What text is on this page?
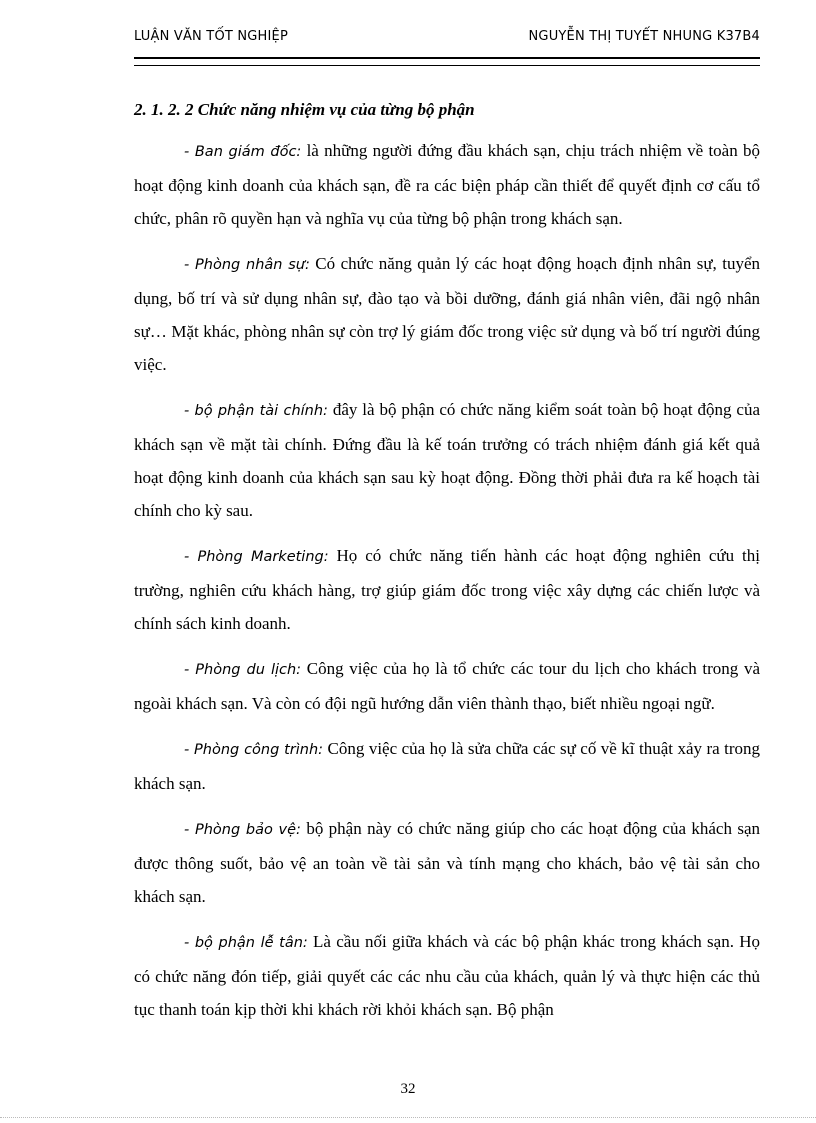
LUẬN VĂN TỐT NGHIỆP	NGUYỄN THỊ TUYẾT NHUNG K37B4
2. 1. 2. 2 Chức năng nhiệm vụ của từng bộ phận

- Ban giám đốc: là những người đứng đầu khách sạn, chịu trách nhiệm về toàn bộ hoạt động kinh doanh của khách sạn, đề ra các biện pháp cần thiết để quyết định cơ cấu tổ chức, phân rõ quyền hạn và nghĩa vụ của từng bộ phận trong khách sạn.

- Phòng nhân sự: Có chức năng quản lý các hoạt động hoạch định nhân sự, tuyển dụng, bố trí và sử dụng nhân sự, đào tạo và bồi dưỡng, đánh giá nhân viên, đãi ngộ nhân sự… Mặt khác, phòng nhân sự còn trợ lý giám đốc trong việc sử dụng và bố trí người đúng việc.

- bộ phận tài chính: đây là bộ phận có chức năng kiểm soát toàn bộ hoạt động của khách sạn về mặt tài chính. Đứng đầu là kế toán trưởng có trách nhiệm đánh giá kết quả hoạt động kinh doanh của khách sạn sau kỳ hoạt động. Đồng thời phải đưa ra kế hoạch tài chính cho kỳ sau.

- Phòng Marketing: Họ có chức năng tiến hành các hoạt động nghiên cứu thị trường, nghiên cứu khách hàng, trợ giúp giám đốc trong việc xây dựng các chiến lược và chính sách kinh doanh.

- Phòng du lịch: Công việc của họ là tổ chức các tour du lịch cho khách trong và ngoài khách sạn. Và còn có đội ngũ hướng dẫn viên thành thạo, biết nhiều ngoại ngữ.

- Phòng công trình: Công việc của họ là sửa chữa các sự cố về kĩ thuật xảy ra trong khách sạn.

- Phòng bảo vệ: bộ phận này có chức năng giúp cho các hoạt động của khách sạn được thông suốt, bảo vệ an toàn về tài sản và tính mạng cho khách, bảo vệ tài sản cho khách sạn.

- bộ phận lễ tân: Là cầu nối giữa khách và các bộ phận khác trong khách sạn. Họ có chức năng đón tiếp, giải quyết các các nhu cầu của khách, quản lý và thực hiện các thủ tục thanh toán kịp thời khi khách rời khỏi khách sạn. Bộ phận

32
